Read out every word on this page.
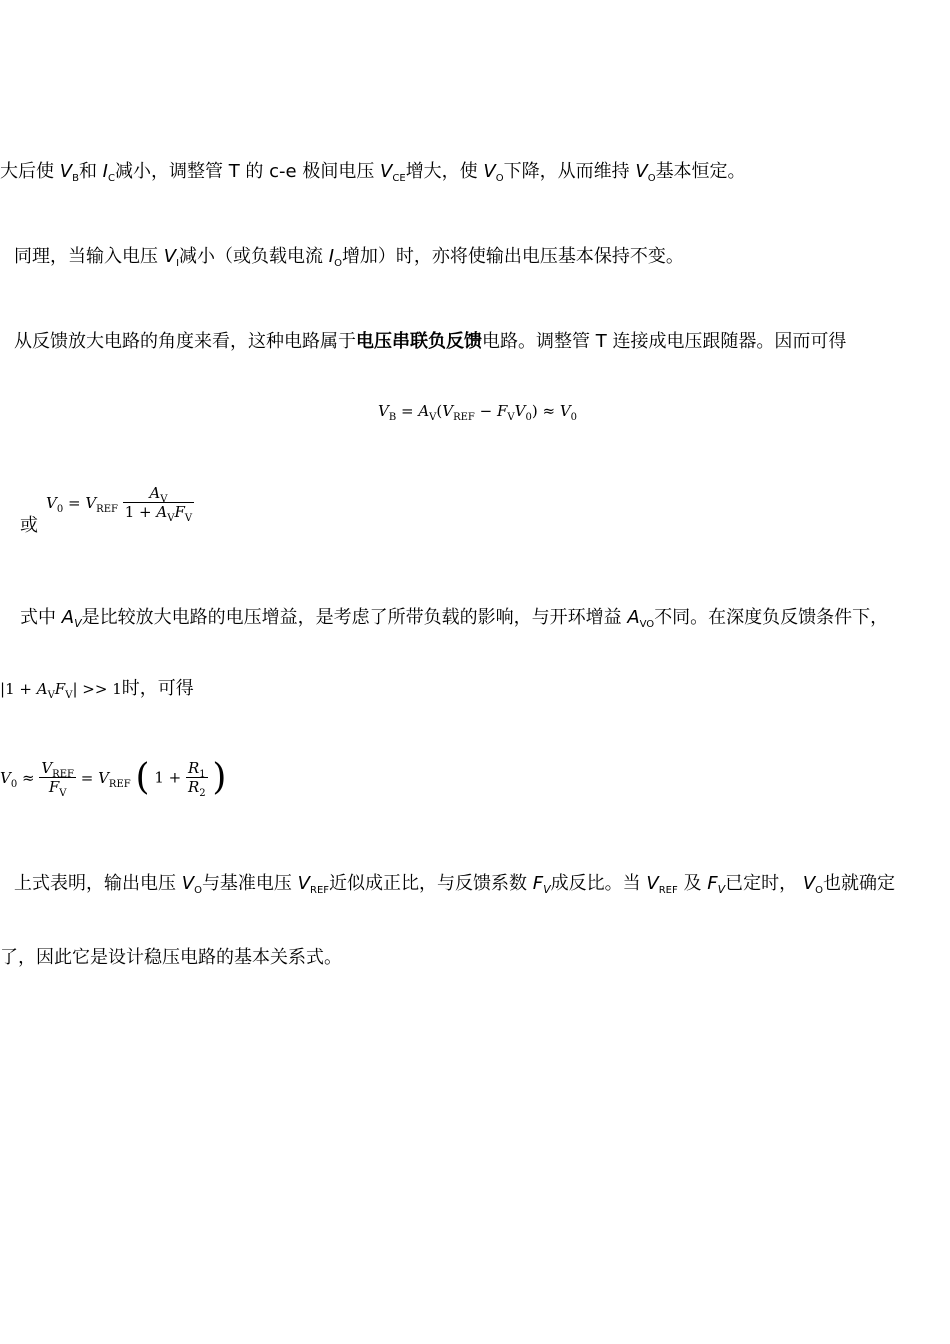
大后使 $V_B$和 $I_C$减小，调整管 T 的 c-e 极间电压 $V_{CE}$增大，使 $V_O$下降，从而维持 $V_O$基本恒定。
同理，当输入电压 $V_I$减小（或负载电流 $I_O$增加）时，亦将使输出电压基本保持不变。
从反馈放大电路的角度来看，这种电路属于电压串联负反馈电路。调整管 T 连接成电压跟随器。因而可得
$V_B = A_V(V_{REF} - F_VV_0) \approx V_0$
或
$V_0 = V_{REF} \frac{A_V}{1 + A_VF_V}$
式中 $A_V$是比较放大电路的电压增益，是考虑了所带负载的影响，与开环增益 $A_{VO}$不同。在深度负反馈条件下，
$|1 + A_VF_V| >> 1$时，可得
$V_0 \approx \frac{V_{REF}}{F_V} = V_{REF}$ ( $1 + \frac{R_1}{R_2}$ )
上式表明，输出电压 $V_O$与基准电压 $V_{REF}$近似成正比，与反馈系数 $F_V$成反比。当 $V_{REF}$ 及 $F_V$已定时， $V_O$也就确定
了，因此它是设计稳压电路的基本关系式。
